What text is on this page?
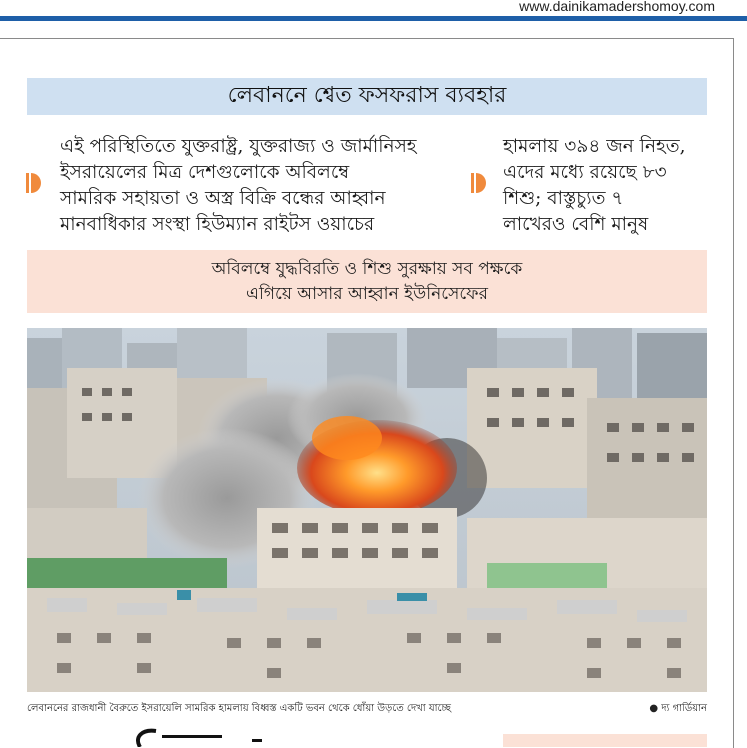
www.dainikamadershomoy.com
লেবাননে শ্বেত ফসফরাস ব্যবহার

এই পরিস্থিতিতে যুক্তরাষ্ট্র, যুক্তরাজ্য ও জার্মানিসহ

ইসরায়েলের মিত্র দেশগুলোকে অবিলম্বে

সামরিক সহায়তা ও অস্ত্র বিক্রি বন্ধের আহ্বান

মানবাধিকার সংস্থা হিউম্যান রাইটস ওয়াচের

হামলায় ৩৯৪ জন নিহত,

এদের মধ্যে রয়েছে ৮৩

শিশু; বাস্তুচ্যুত ৭

লাখেরও বেশি মানুষ

অবিলম্বে যুদ্ধবিরতি ও শিশু সুরক্ষায় সব পক্ষকে
এগিয়ে আসার আহ্বান ইউনিসেফের
লেবাননের রাজধানী বৈরুতে ইসরায়েলি সামরিক হামলায় বিধ্বস্ত একটি ভবন থেকে ধোঁয়া উড়তে দেখা যাচ্ছে	● দ্য গার্ডিয়ান
